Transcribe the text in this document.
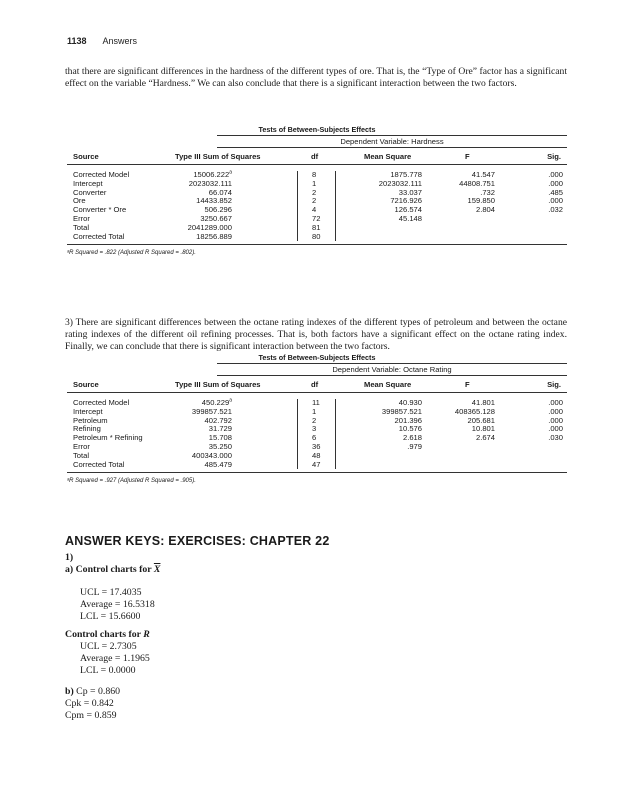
1138 Answers

that there are significant differences in the hardness of the different types of ore. That is, the “Type of Ore” factor has a significant effect on the variable “Hardness.” We can also conclude that there is a significant interaction between the two factors.

Tests of Between-Subjects Effects
Dependent Variable: Hardness
Source	Type III Sum of Squares	df	Mean Square	F	Sig.
Corrected Model	15006.222$^a$	8	1875.778	41.547	.000
Intercept	2023032.111	1	2023032.111	44808.751	.000
Converter	66.074	2	33.037	.732	.485
Ore	14433.852	2	7216.926	159.850	.000
Converter * Ore	506.296	4	126.574	2.804	.032
Error	3250.667	72	45.148
Total	2041289.000	81
Corrected Total	18256.889	80
ᵃR Squared = .822 (Adjusted R Squared = .802).

3) There are significant differences between the octane rating indexes of the different types of petroleum and between the octane rating indexes of the different oil refining processes. That is, both factors have a significant effect on the octane rating index. Finally, we can conclude that there is significant interaction between the two factors.

Tests of Between-Subjects Effects
Dependent Variable: Octane Rating
Source	Type III Sum of Squares	df	Mean Square	F	Sig.
Corrected Model	450.229$^a$	11	40.930	41.801	.000
Intercept	399857.521	1	399857.521	408365.128	.000
Petroleum	402.792	2	201.396	205.681	.000
Refining	31.729	3	10.576	10.801	.000
Petroleum * Refining	15.708	6	2.618	2.674	.030
Error	35.250	36	.979
Total	400343.000	48
Corrected Total	485.479	47
ᵃR Squared = .927 (Adjusted R Squared = .905).
ANSWER KEYS: EXERCISES: CHAPTER 22
1)
a) Control charts for $\overline{X}$
UCL = 17.4035
Average = 16.5318
LCL = 15.6600
Control charts for R
UCL = 2.7305
Average = 1.1965
LCL = 0.0000
b) Cp = 0.860
Cpk = 0.842
Cpm = 0.859
